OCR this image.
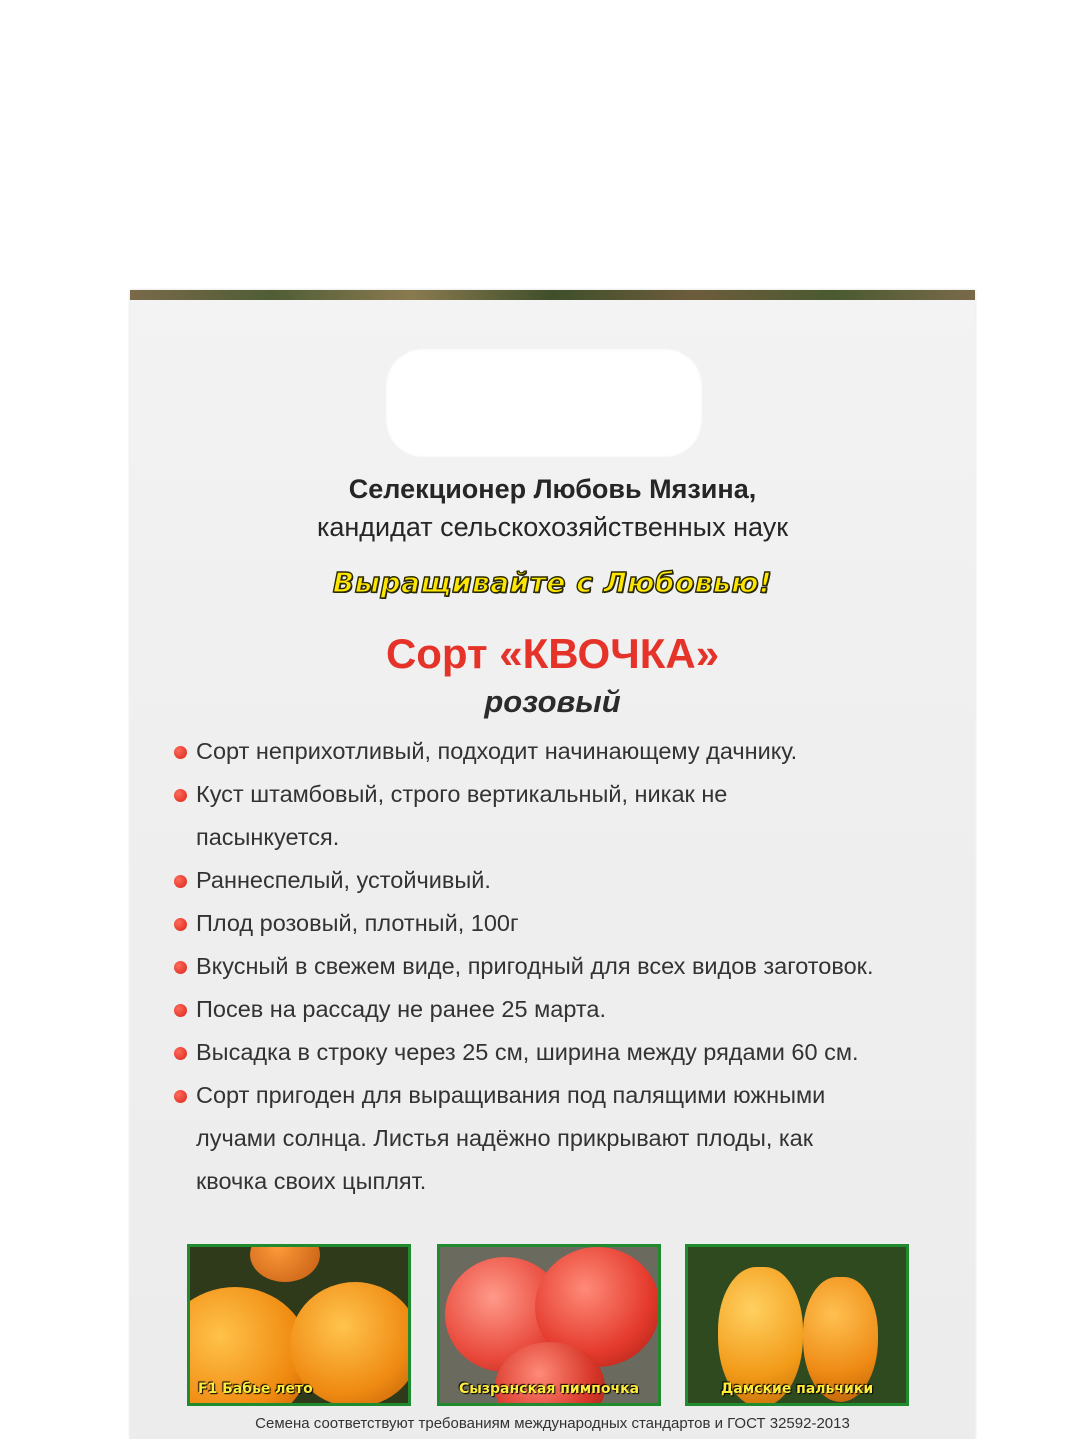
Селекционер Любовь Мязина,
кандидат сельскохозяйственных наук
Выращивайте с Любовью!
Сорт «КВОЧКА»
розовый
Сорт неприхотливый, подходит начинающему дачнику.
Куст штамбовый, строго вертикальный, никак не пасынкуется.
Раннеспелый, устойчивый.
Плод розовый, плотный, 100г
Вкусный в свежем виде, пригодный для всех видов заготовок.
Посев на рассаду не ранее 25 марта.
Высадка в строку через 25 см, ширина между рядами 60 см.
Сорт пригоден для выращивания под палящими южными лучами солнца. Листья надёжно прикрывают плоды, как квочка своих цыплят.
F1 Бабье лето	Сызранская пимпочка	Дамские пальчики
Семена соответствуют требованиям международных стандартов и ГОСТ 32592-2013
